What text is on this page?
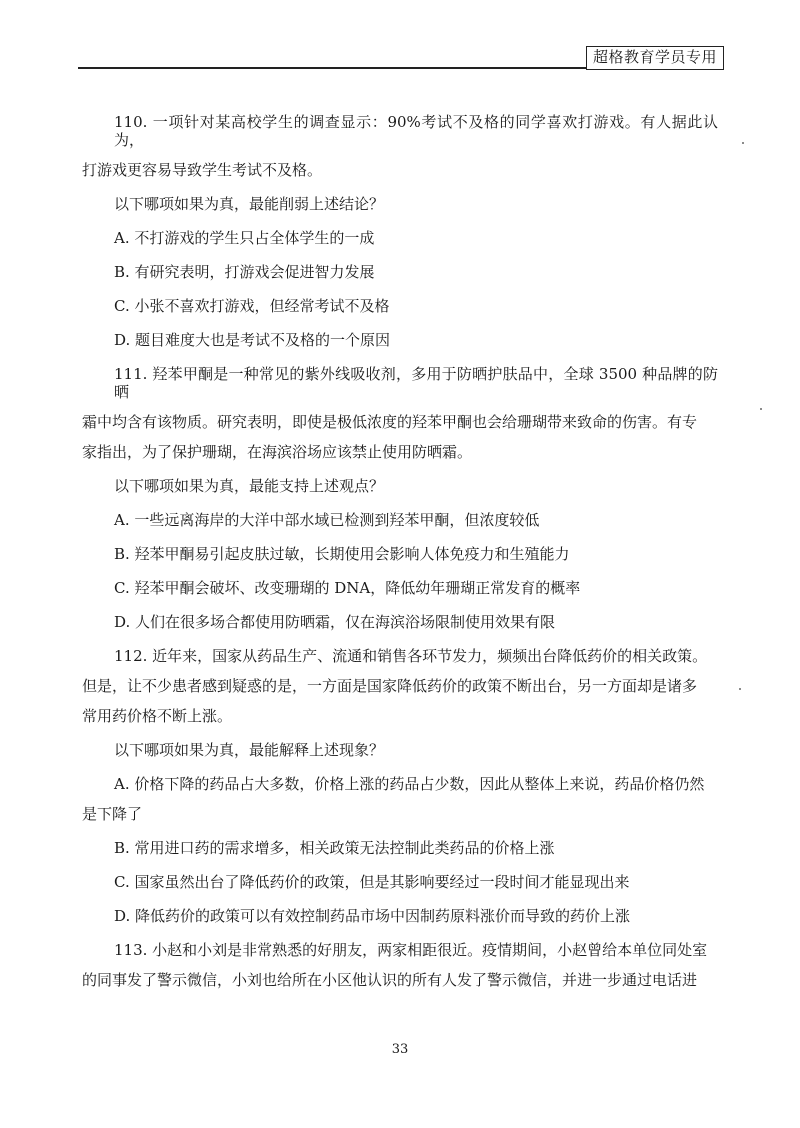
超格教育学员专用
110. 一项针对某高校学生的调查显示：90%考试不及格的同学喜欢打游戏。有人据此认为，
打游戏更容易导致学生考试不及格。
以下哪项如果为真，最能削弱上述结论？
A. 不打游戏的学生只占全体学生的一成
B. 有研究表明，打游戏会促进智力发展
C. 小张不喜欢打游戏，但经常考试不及格
D. 题目难度大也是考试不及格的一个原因
111. 羟苯甲酮是一种常见的紫外线吸收剂，多用于防晒护肤品中，全球 3500 种品牌的防晒
霜中均含有该物质。研究表明，即使是极低浓度的羟苯甲酮也会给珊瑚带来致命的伤害。有专
家指出，为了保护珊瑚，在海滨浴场应该禁止使用防晒霜。
以下哪项如果为真，最能支持上述观点？
A. 一些远离海岸的大洋中部水域已检测到羟苯甲酮，但浓度较低
B. 羟苯甲酮易引起皮肤过敏，长期使用会影响人体免疫力和生殖能力
C. 羟苯甲酮会破坏、改变珊瑚的 DNA，降低幼年珊瑚正常发育的概率
D. 人们在很多场合都使用防晒霜，仅在海滨浴场限制使用效果有限
112. 近年来，国家从药品生产、流通和销售各环节发力，频频出台降低药价的相关政策。
但是，让不少患者感到疑惑的是，一方面是国家降低药价的政策不断出台，另一方面却是诸多
常用药价格不断上涨。
以下哪项如果为真，最能解释上述现象？
A. 价格下降的药品占大多数，价格上涨的药品占少数，因此从整体上来说，药品价格仍然
是下降了
B. 常用进口药的需求增多，相关政策无法控制此类药品的价格上涨
C. 国家虽然出台了降低药价的政策，但是其影响要经过一段时间才能显现出来
D. 降低药价的政策可以有效控制药品市场中因制药原料涨价而导致的药价上涨
113. 小赵和小刘是非常熟悉的好朋友，两家相距很近。疫情期间，小赵曾给本单位同处室
的同事发了警示微信，小刘也给所在小区他认识的所有人发了警示微信，并进一步通过电话进
33
